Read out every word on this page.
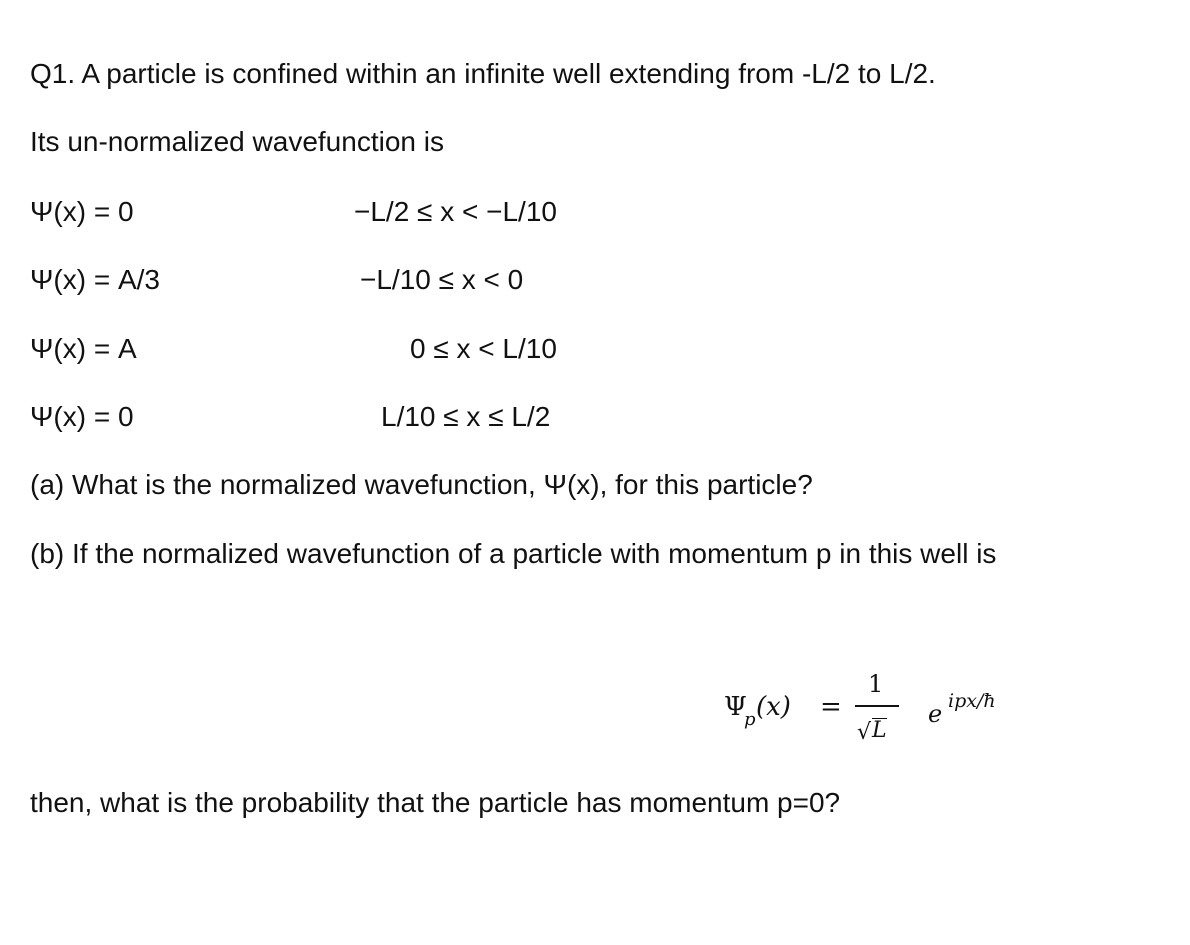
Q1. A particle is confined within an infinite well extending from -L/2 to L/2.
Its un-normalized wavefunction is
Ψ(x) = 0	−L/2 ≤ x < −L/10
Ψ(x) = A/3	−L/10 ≤ x < 0
Ψ(x) = A	0 ≤ x < L/10
Ψ(x) = 0	L/10 ≤ x ≤ L/2
(a) What is the normalized wavefunction, Ψ(x), for this particle?
(b) If the normalized wavefunction of a particle with momentum p in this well is
Ψ
p (x) =
1
√ L
e ipx/ħ
then, what is the probability that the particle has momentum p=0?
